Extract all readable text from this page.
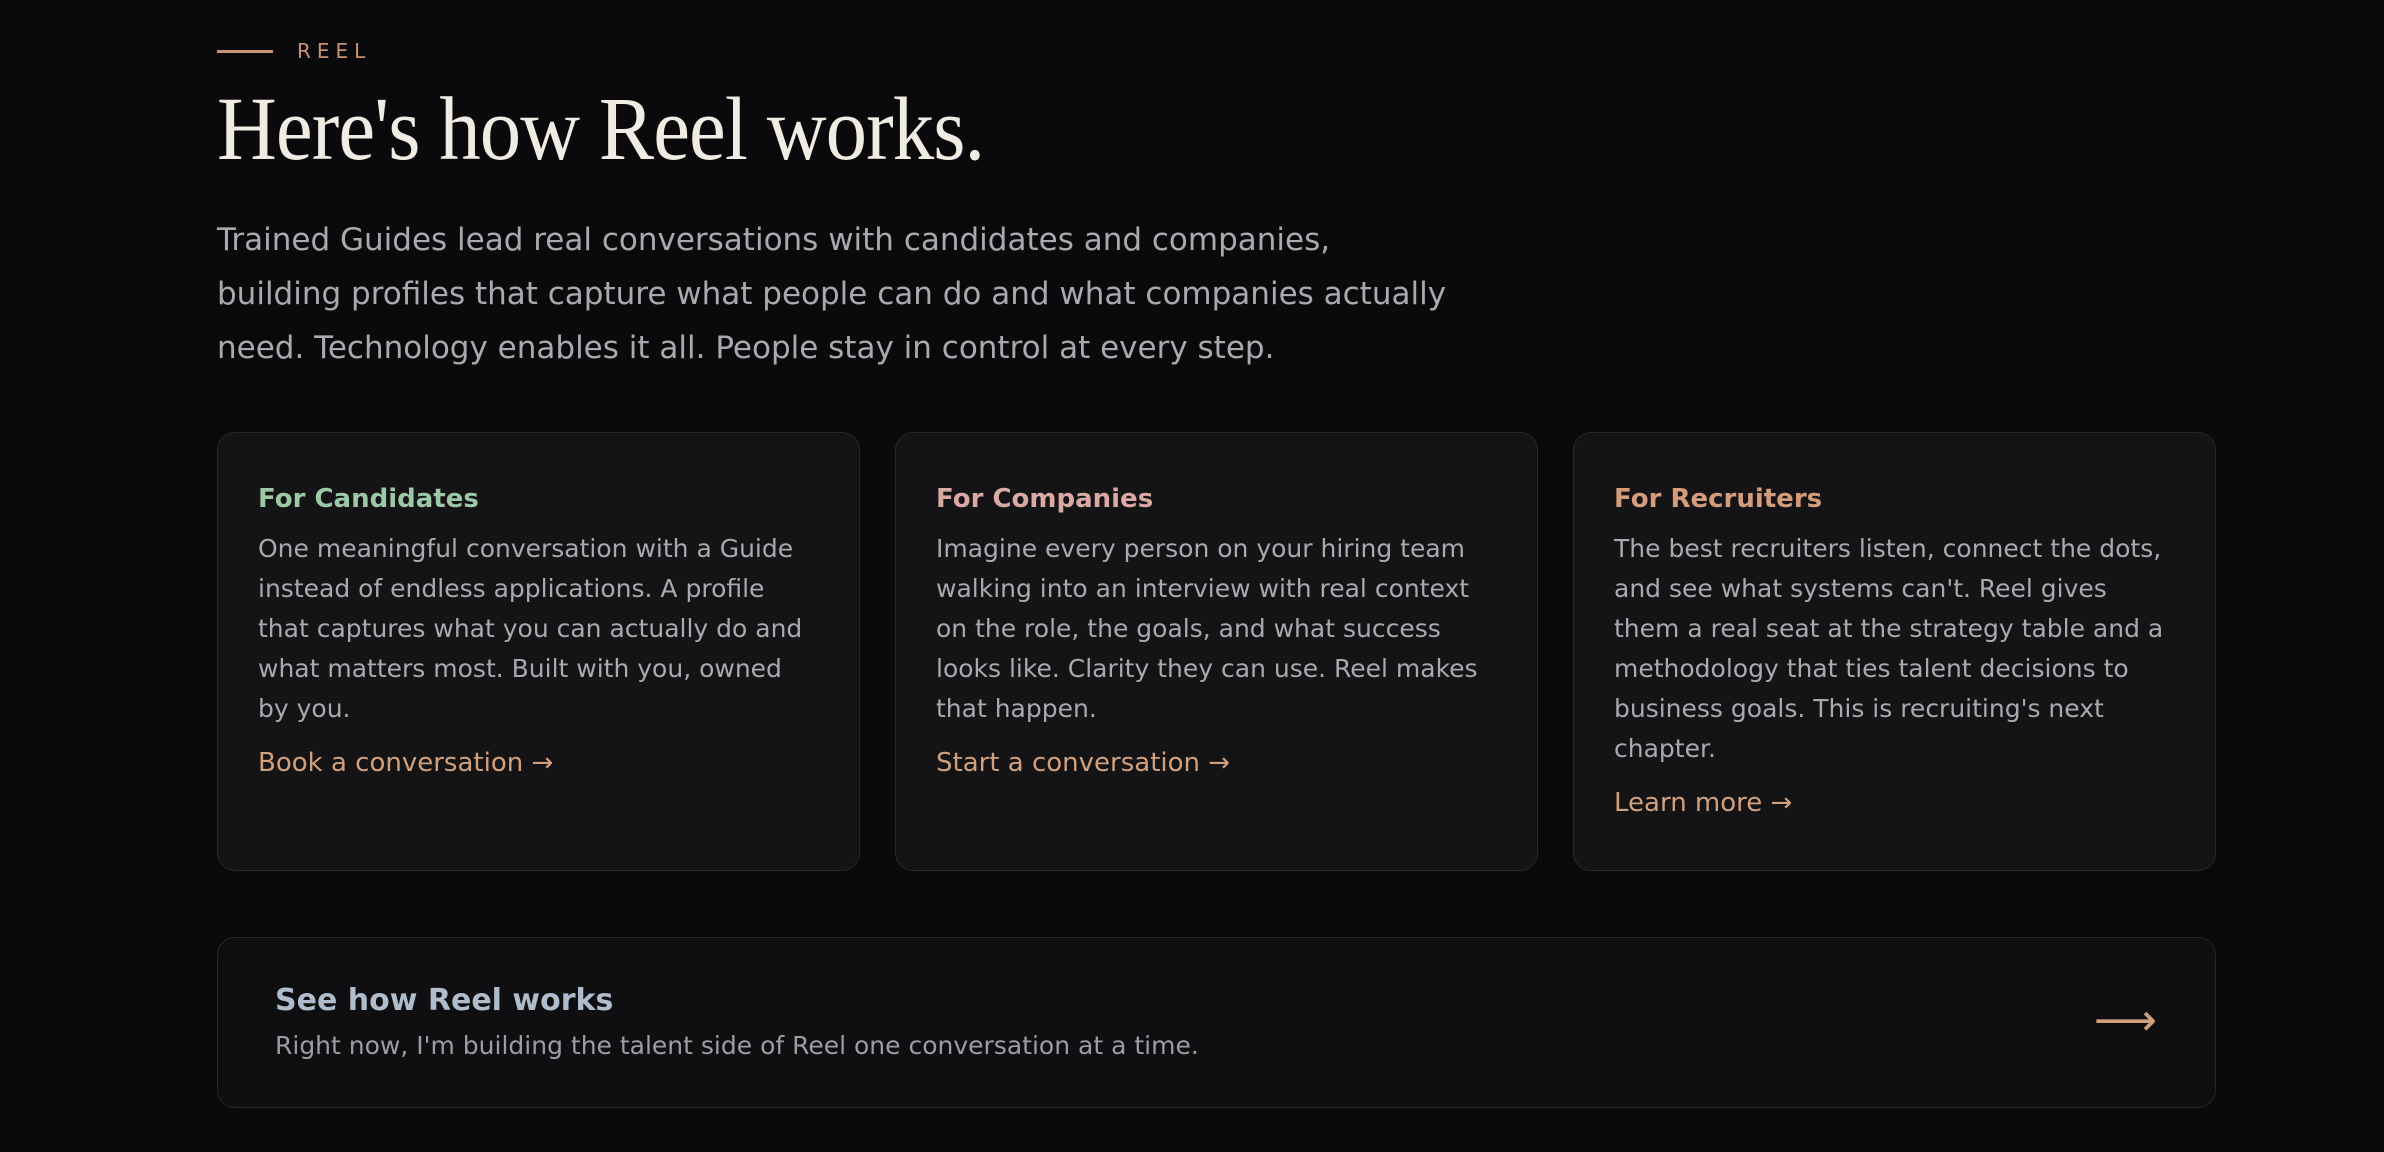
REEL
Here's how Reel works.

Trained Guides lead real conversations with candidates and companies, building profiles that capture what people can do and what companies actually need. Technology enables it all. People stay in control at every step.

For Candidates

One meaningful conversation with a Guide instead of endless applications. A profile that captures what you can actually do and what matters most. Built with you, owned by you.

Book a conversation →
For Companies

Imagine every person on your hiring team walking into an interview with real context on the role, the goals, and what success looks like. Clarity they can use. Reel makes that happen.

Start a conversation →
For Recruiters

The best recruiters listen, connect the dots, and see what systems can't. Reel gives them a real seat at the strategy table and a methodology that ties talent decisions to business goals. This is recruiting's next chapter.

Learn more →
See how Reel works

Right now, I'm building the talent side of Reel one conversation at a time.	⟶
